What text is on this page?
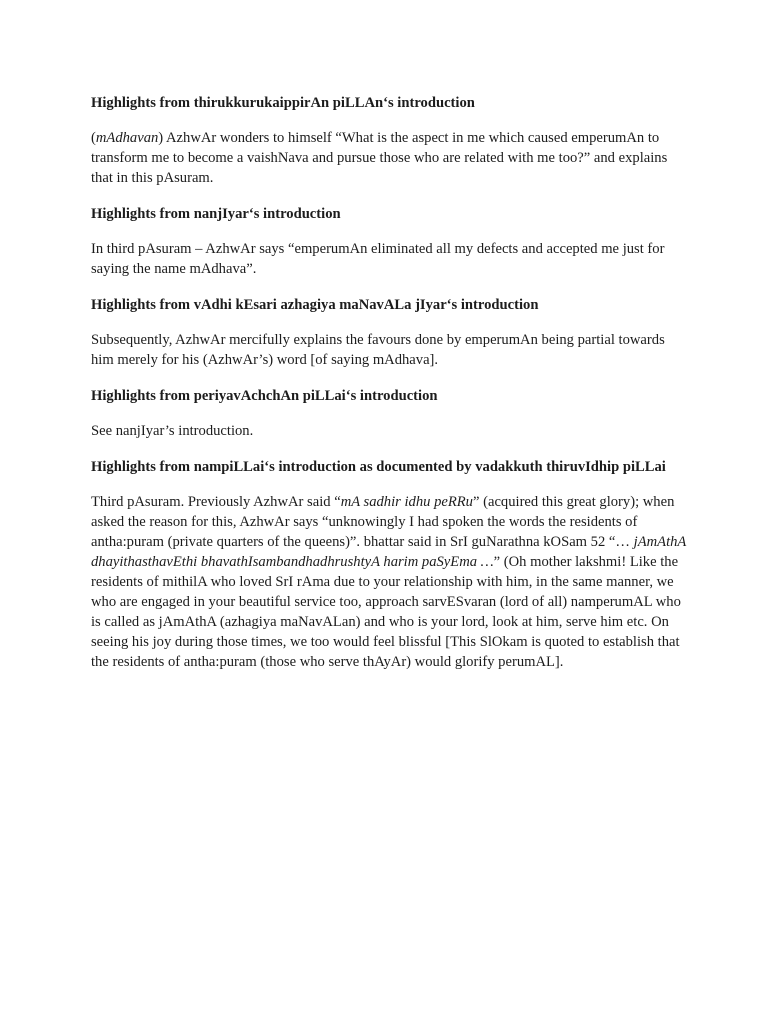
Highlights from thirukkurukaippirAn piLLAn‘s introduction
(mAdhavan) AzhwAr wonders to himself “What is the aspect in me which caused emperumAn to transform me to become a vaishNava and pursue those who are related with me too?” and explains that in this pAsuram.
Highlights from nanjIyar‘s introduction
In third pAsuram – AzhwAr says “emperumAn eliminated all my defects and accepted me just for saying the name mAdhava”.
Highlights from vAdhi kEsari azhagiya maNavALa jIyar‘s introduction
Subsequently, AzhwAr mercifully explains the favours done by emperumAn being partial towards him merely for his (AzhwAr’s) word [of saying mAdhava].
Highlights from periyavAchchAn piLLai‘s introduction
See nanjIyar’s introduction.
Highlights from nampiLLai‘s introduction as documented by vadakkuth thiruvIdhip piLLai
Third pAsuram. Previously AzhwAr said “mA sadhir idhu peRRu” (acquired this great glory); when asked the reason for this, AzhwAr says “unknowingly I had spoken the words the residents of antha:puram (private quarters of the queens)”. bhattar said in SrI guNarathna kOSam 52 “… jAmAthA dhayithasthavEthi bhavathIsambandhadhrushtyA harim paSyEma …” (Oh mother lakshmi! Like the residents of mithilA who loved SrI rAma due to your relationship with him, in the same manner, we who are engaged in your beautiful service too, approach sarvESvaran (lord of all) namperumAL who is called as jAmAthA (azhagiya maNavALan) and who is your lord, look at him, serve him etc. On seeing his joy during those times, we too would feel blissful [This SlOkam is quoted to establish that the residents of antha:puram (those who serve thAyAr) would glorify perumAL].
